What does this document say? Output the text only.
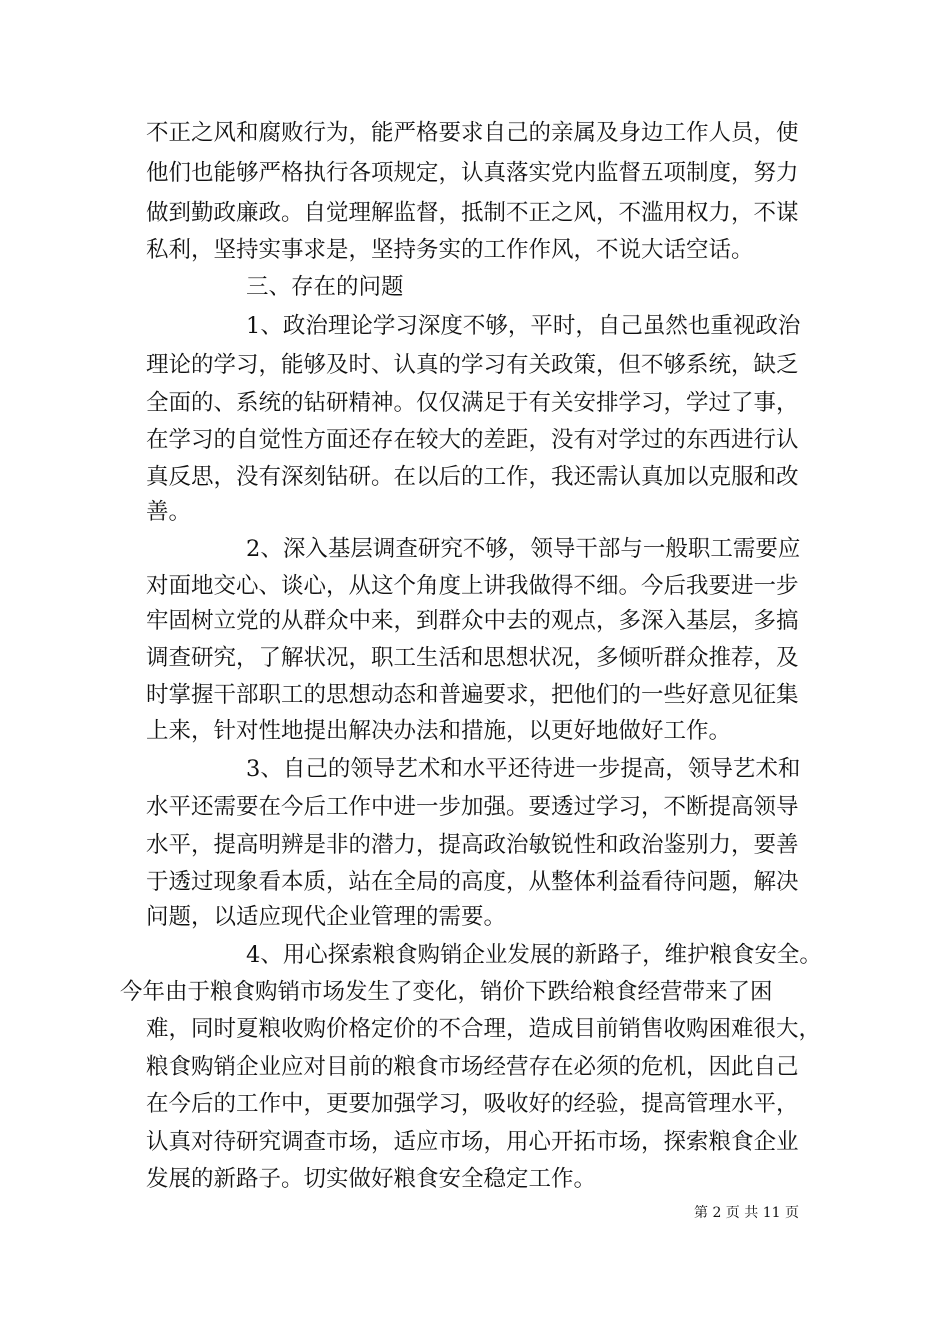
不正之风和腐败行为，能严格要求自己的亲属及身边工作人员，使
他们也能够严格执行各项规定，认真落实党内监督五项制度，努力
做到勤政廉政。自觉理解监督，抵制不正之风，不滥用权力，不谋
私利，坚持实事求是，坚持务实的工作作风，不说大话空话。
三、存在的问题
1、政治理论学习深度不够，平时，自己虽然也重视政治
理论的学习，能够及时、认真的学习有关政策，但不够系统，缺乏
全面的、系统的钻研精神。仅仅满足于有关安排学习，学过了事，
在学习的自觉性方面还存在较大的差距，没有对学过的东西进行认
真反思，没有深刻钻研。在以后的工作，我还需认真加以克服和改
善。
2、深入基层调查研究不够，领导干部与一般职工需要应
对面地交心、谈心，从这个角度上讲我做得不细。今后我要进一步
牢固树立党的从群众中来，到群众中去的观点，多深入基层，多搞
调查研究，了解状况，职工生活和思想状况，多倾听群众推荐，及
时掌握干部职工的思想动态和普遍要求，把他们的一些好意见征集
上来，针对性地提出解决办法和措施，以更好地做好工作。
3、自己的领导艺术和水平还待进一步提高，领导艺术和
水平还需要在今后工作中进一步加强。要透过学习，不断提高领导
水平，提高明辨是非的潜力，提高政治敏锐性和政治鉴别力，要善
于透过现象看本质，站在全局的高度，从整体利益看待问题，解决
问题，以适应现代企业管理的需要。
4、用心探索粮食购销企业发展的新路子，维护粮食安全。
今年由于粮食购销市场发生了变化，销价下跌给粮食经营带来了困
难，同时夏粮收购价格定价的不合理，造成目前销售收购困难很大，
粮食购销企业应对目前的粮食市场经营存在必须的危机，因此自己
在今后的工作中，更要加强学习，吸收好的经验，提高管理水平，
认真对待研究调查市场，适应市场，用心开拓市场，探索粮食企业
发展的新路子。切实做好粮食安全稳定工作。
第 2 页 共 11 页
